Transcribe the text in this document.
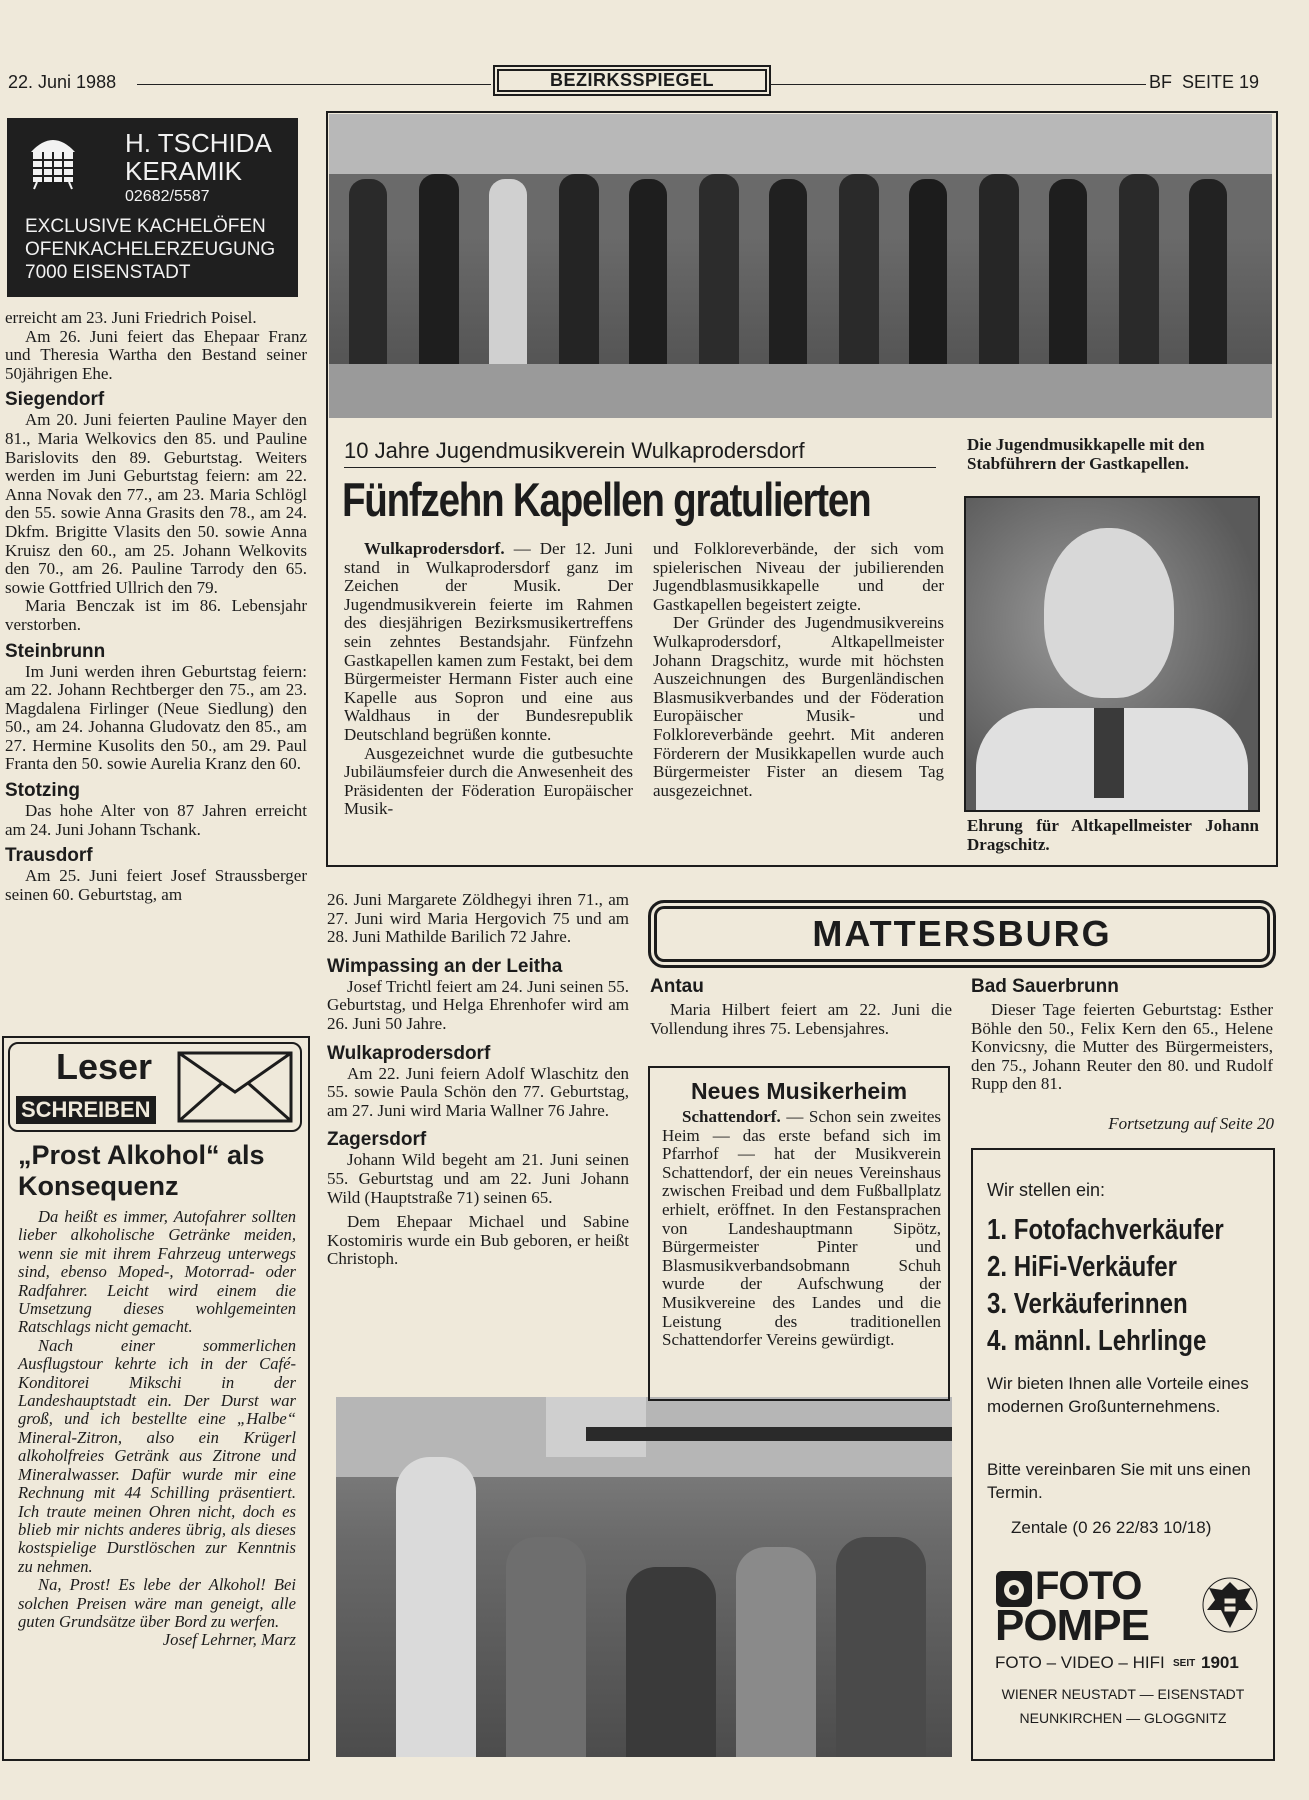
22. Juni 1988	BEZIRKSSPIEGEL	BF  SEITE 19
H. TSCHIDA
KERAMIK
02682/5587
EXCLUSIVE KACHELÖFEN
OFENKACHELERZEUGUNG
7000 EISENSTADT

erreicht am 23. Juni Friedrich Poisel.

Am 26. Juni feiert das Ehepaar Franz und Theresia Wartha den Bestand seiner 50jährigen Ehe.

Siegendorf

Am 20. Juni feierten Pauline Mayer den 81., Maria Welkovics den 85. und Pauline Barislovits den 89. Geburtstag. Weiters werden im Juni Geburtstag feiern: am 22. Anna Novak den 77., am 23. Maria Schlögl den 55. sowie Anna Grasits den 78., am 24. Dkfm. Brigitte Vlasits den 50. sowie Anna Kruisz den 60., am 25. Johann Welkovits den 70., am 26. Pauline Tarrody den 65. sowie Gottfried Ullrich den 79.

Maria Benczak ist im 86. Lebensjahr verstorben.

Steinbrunn

Im Juni werden ihren Geburtstag feiern: am 22. Johann Rechtberger den 75., am 23. Magdalena Firlinger (Neue Siedlung) den 50., am 24. Johanna Gludovatz den 85., am 27. Hermine Kusolits den 50., am 29. Paul Franta den 50. sowie Aurelia Kranz den 60.

Stotzing

Das hohe Alter von 87 Jahren erreicht am 24. Juni Johann Tschank.

Trausdorf

Am 25. Juni feiert Josef Straussberger seinen 60. Geburtstag, am

Leser
SCHREIBEN
„Prost Alkohol“ als Konsequenz

Da heißt es immer, Autofahrer sollten lieber alkoholische Getränke meiden, wenn sie mit ihrem Fahrzeug unterwegs sind, ebenso Moped-, Motorrad- oder Radfahrer. Leicht wird einem die Umsetzung dieses wohlgemeinten Ratschlags nicht gemacht.

Nach einer sommerlichen Ausflugstour kehrte ich in der Café-Konditorei Mikschi in der Landeshauptstadt ein. Der Durst war groß, und ich bestellte eine „Halbe“ Mineral-Zitron, also ein Krügerl alkoholfreies Getränk aus Zitrone und Mineralwasser. Dafür wurde mir eine Rechnung mit 44 Schilling präsentiert. Ich traute meinen Ohren nicht, doch es blieb mir nichts anderes übrig, als dieses kostspielige Durstlöschen zur Kenntnis zu nehmen.

Na, Prost! Es lebe der Alkohol! Bei solchen Preisen wäre man geneigt, alle guten Grundsätze über Bord zu werfen.

Josef Lehrner, Marz
10 Jahre Jugendmusikverein Wulkaprodersdorf
Fünfzehn Kapellen gratulierten

Wulkaprodersdorf. — Der 12. Juni stand in Wulkaprodersdorf ganz im Zeichen der Musik. Der Jugendmusikverein feierte im Rahmen des diesjährigen Bezirksmusikertreffens sein zehntes Bestandsjahr. Fünfzehn Gastkapellen kamen zum Festakt, bei dem Bürgermeister Hermann Fister auch eine Kapelle aus Sopron und eine aus Waldhaus in der Bundesrepublik Deutschland begrüßen konnte.

Ausgezeichnet wurde die gutbesuchte Jubiläumsfeier durch die Anwesenheit des Präsidenten der Föderation Europäischer Musik-

und Folkloreverbände, der sich vom spielerischen Niveau der jubilierenden Jugendblasmusikkapelle und der Gastkapellen begeistert zeigte.

Der Gründer des Jugendmusikvereins Wulkaprodersdorf, Altkapellmeister Johann Dragschitz, wurde mit höchsten Auszeichnungen des Burgenländischen Blasmusikverbandes und der Föderation Europäischer Musik- und Folkloreverbände geehrt. Mit anderen Förderern der Musikkapellen wurde auch Bürgermeister Fister an diesem Tag ausgezeichnet.

Die Jugendmusikkapelle mit den Stabführern der Gastkapellen.
Ehrung für Altkapellmeister Johann Dragschitz.

26. Juni Margarete Zöldhegyi ihren 71., am 27. Juni wird Maria Hergovich 75 und am 28. Juni Mathilde Barilich 72 Jahre.

Wimpassing an der Leitha

Josef Trichtl feiert am 24. Juni seinen 55. Geburtstag, und Helga Ehrenhofer wird am 26. Juni 50 Jahre.

Wulkaprodersdorf

Am 22. Juni feiern Adolf Wlaschitz den 55. sowie Paula Schön den 77. Geburtstag, am 27. Juni wird Maria Wallner 76 Jahre.

Zagersdorf

Johann Wild begeht am 21. Juni seinen 55. Geburtstag und am 22. Juni Johann Wild (Hauptstraße 71) seinen 65.

Dem Ehepaar Michael und Sabine Kostomiris wurde ein Bub geboren, er heißt Christoph.

MATTERSBURG
Antau
Maria Hilbert feiert am 22. Juni die Vollendung ihres 75. Lebensjahres.
Neues Musikerheim

Schattendorf. — Schon sein zweites Heim — das erste befand sich im Pfarrhof — hat der Musikverein Schattendorf, der ein neues Vereinshaus zwischen Freibad und dem Fußballplatz erhielt, eröffnet. In den Festansprachen von Landeshauptmann Sipötz, Bürgermeister Pinter und Blasmusikverbandsobmann Schuh wurde der Aufschwung der Musikvereine des Landes und die Leistung des traditionellen Schattendorfer Vereins gewürdigt.

Bad Sauerbrunn
Dieser Tage feierten Geburtstag: Esther Böhle den 50., Felix Kern den 65., Helene Konvicsny, die Mutter des Bürgermeisters, den 75., Johann Reuter den 80. und Rudolf Rupp den 81.
Fortsetzung auf Seite 20
Wir stellen ein:
1. Fotofachverkäufer
2. HiFi-Verkäufer
3. Verkäuferinnen
4. männl. Lehrlinge
Wir bieten Ihnen alle Vorteile eines modernen Großunternehmens.
Bitte vereinbaren Sie mit uns einen Termin.
Zentale (0 26 22/83 10/18)
FOTO
POMPE
FOTO – VIDEO – HIFI SEIT 1901
WIENER NEUSTADT — EISENSTADT
NEUNKIRCHEN — GLOGGNITZ
